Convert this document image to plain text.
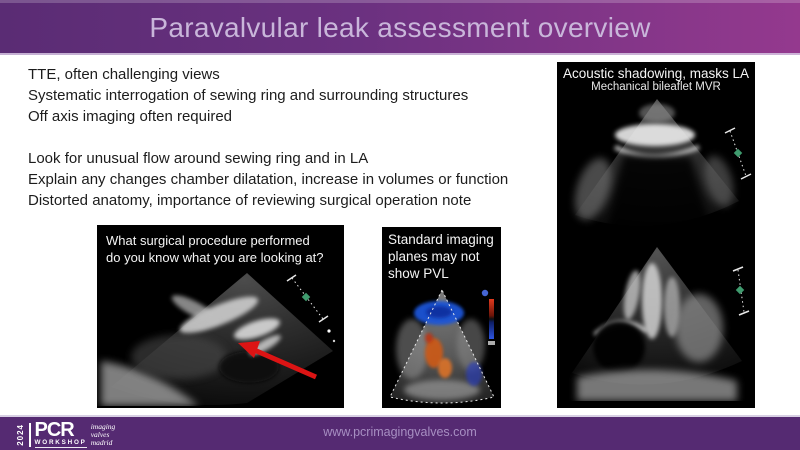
Paravalvular leak assessment overview
TTE, often challenging views
Systematic interrogation of sewing ring and surrounding structures
Off axis imaging often required
Look for unusual flow around sewing ring and in LA
Explain any changes chamber dilatation, increase in volumes or function
Distorted anatomy, importance of reviewing surgical operation note
What surgical procedure performed
do you know what you are looking at?
Standard imaging
planes may not
show PVL
Acoustic shadowing, masks LA
Mechanical bileaflet MVR
2024 PCR
WORKSHOP
imaging
valves
madrid
www.pcrimagingvalves.com
